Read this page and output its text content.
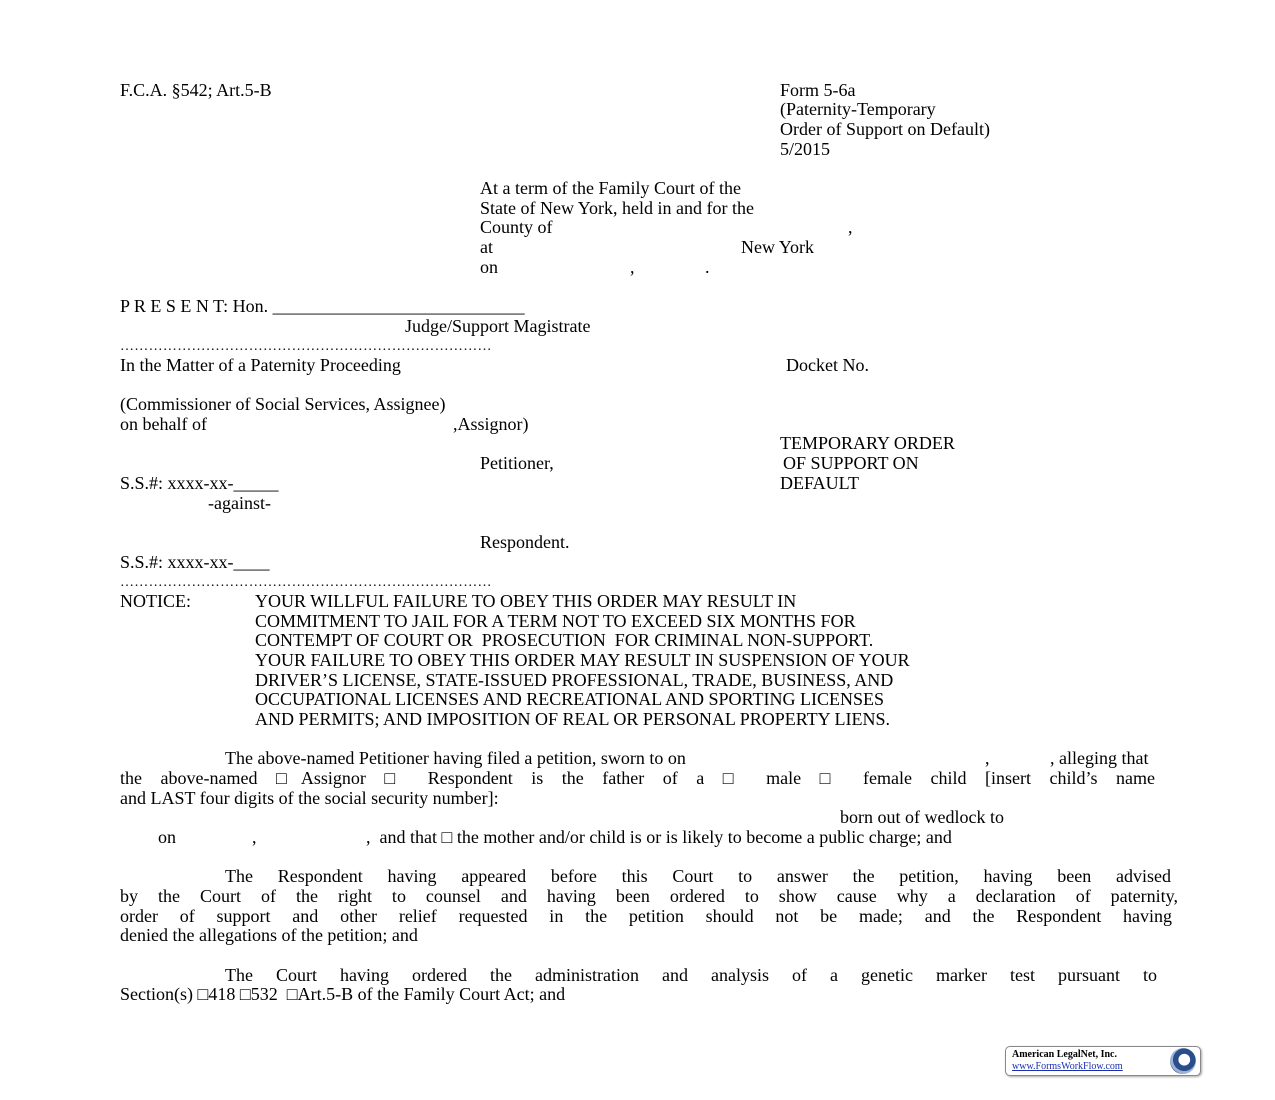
F.C.A. §542; Art.5-B	Form 5-6a
(Paternity-Temporary
Order of Support on Default)
5/2015
At a term of the Family Court of the
State of New York, held in and for the
County of	,
at	New York
on	,	.
P R E S E N T: Hon. ____________________________
Judge/Support Magistrate
……………………………………………………………………
In the Matter of a Paternity Proceeding	Docket No.
(Commissioner of Social Services, Assignee)
on behalf of	,Assignor)
TEMPORARY ORDER
Petitioner,	OF SUPPORT ON
S.S.#: xxxx-xx-_____	DEFAULT
-against-
Respondent.
S.S.#: xxxx-xx-____
……………………………………………………………………
NOTICE:	YOUR WILLFUL FAILURE TO OBEY THIS ORDER MAY RESULT IN
COMMITMENT TO JAIL FOR A TERM NOT TO EXCEED SIX MONTHS FOR
CONTEMPT OF COURT OR  PROSECUTION  FOR CRIMINAL NON-SUPPORT.
YOUR FAILURE TO OBEY THIS ORDER MAY RESULT IN SUSPENSION OF YOUR
DRIVER’S LICENSE, STATE-ISSUED PROFESSIONAL, TRADE, BUSINESS, AND
OCCUPATIONAL LICENSES AND RECREATIONAL AND SPORTING LICENSES
AND PERMITS; AND IMPOSITION OF REAL OR PERSONAL PROPERTY LIENS.
The above-named Petitioner having filed a petition, sworn to on	,	, alleging that
the above-named □Assignor □ Respondent is the father of a □ male □ female child [insert child’s name
and LAST four digits of the social security number]:
born out of wedlock to
on	,	,  and that □ the mother and/or child is or is likely to become a public charge; and
The Respondent having appeared before this Court to answer the petition, having been advised
by the Court of the right to counsel and having been ordered to show cause why a declaration of paternity,
order of support and other relief requested in the petition should not be made; and the Respondent having
denied the allegations of the petition; and
The Court having ordered the administration and analysis of a genetic marker test pursuant to
Section(s) □418 □532  □Art.5-B of the Family Court Act; and
American LegalNet, Inc.
www.FormsWorkFlow.com
